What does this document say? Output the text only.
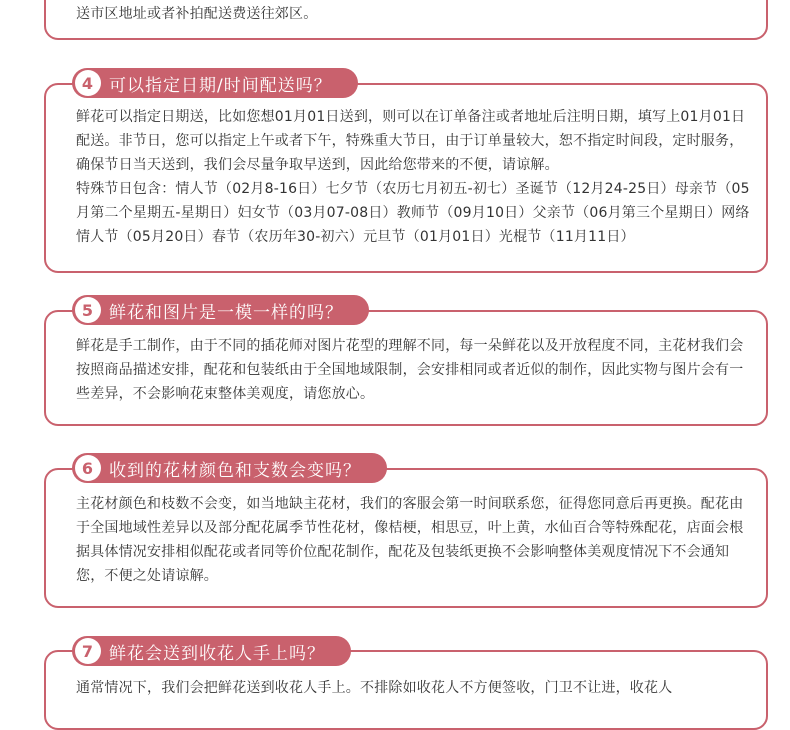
送市区地址或者补拍配送费送往郊区。
鲜花可以指定日期送，比如您想01月01日送到，则可以在订单备注或者地址后注明日期，填写上01月01日配送。非节日，您可以指定上午或者下午，特殊重大节日，由于订单量较大，恕不指定时间段，定时服务，确保节日当天送到，我们会尽量争取早送到，因此给您带来的不便，请谅解。
特殊节日包含：情人节（02月8-16日）七夕节（农历七月初五-初七）圣诞节（12月24-25日）母亲节（05月第二个星期五-星期日）妇女节（03月07-08日）教师节（09月10日）父亲节（06月第三个星期日）网络情人节（05月20日）春节（农历年30-初六）元旦节（01月01日）光棍节（11月11日）
4 可以指定日期/时间配送吗？
鲜花是手工制作，由于不同的插花师对图片花型的理解不同，每一朵鲜花以及开放程度不同，主花材我们会按照商品描述安排，配花和包装纸由于全国地域限制，会安排相同或者近似的制作，因此实物与图片会有一些差异，不会影响花束整体美观度，请您放心。
5 鲜花和图片是一模一样的吗？
主花材颜色和枝数不会变，如当地缺主花材，我们的客服会第一时间联系您，征得您同意后再更换。配花由于全国地域性差异以及部分配花属季节性花材，像桔梗，相思豆，叶上黄，水仙百合等特殊配花，店面会根据具体情况安排相似配花或者同等价位配花制作，配花及包装纸更换不会影响整体美观度情况下不会通知您，不便之处请谅解。
6 收到的花材颜色和支数会变吗？
通常情况下，我们会把鲜花送到收花人手上。不排除如收花人不方便签收，门卫不让进，收花人
7 鲜花会送到收花人手上吗？
